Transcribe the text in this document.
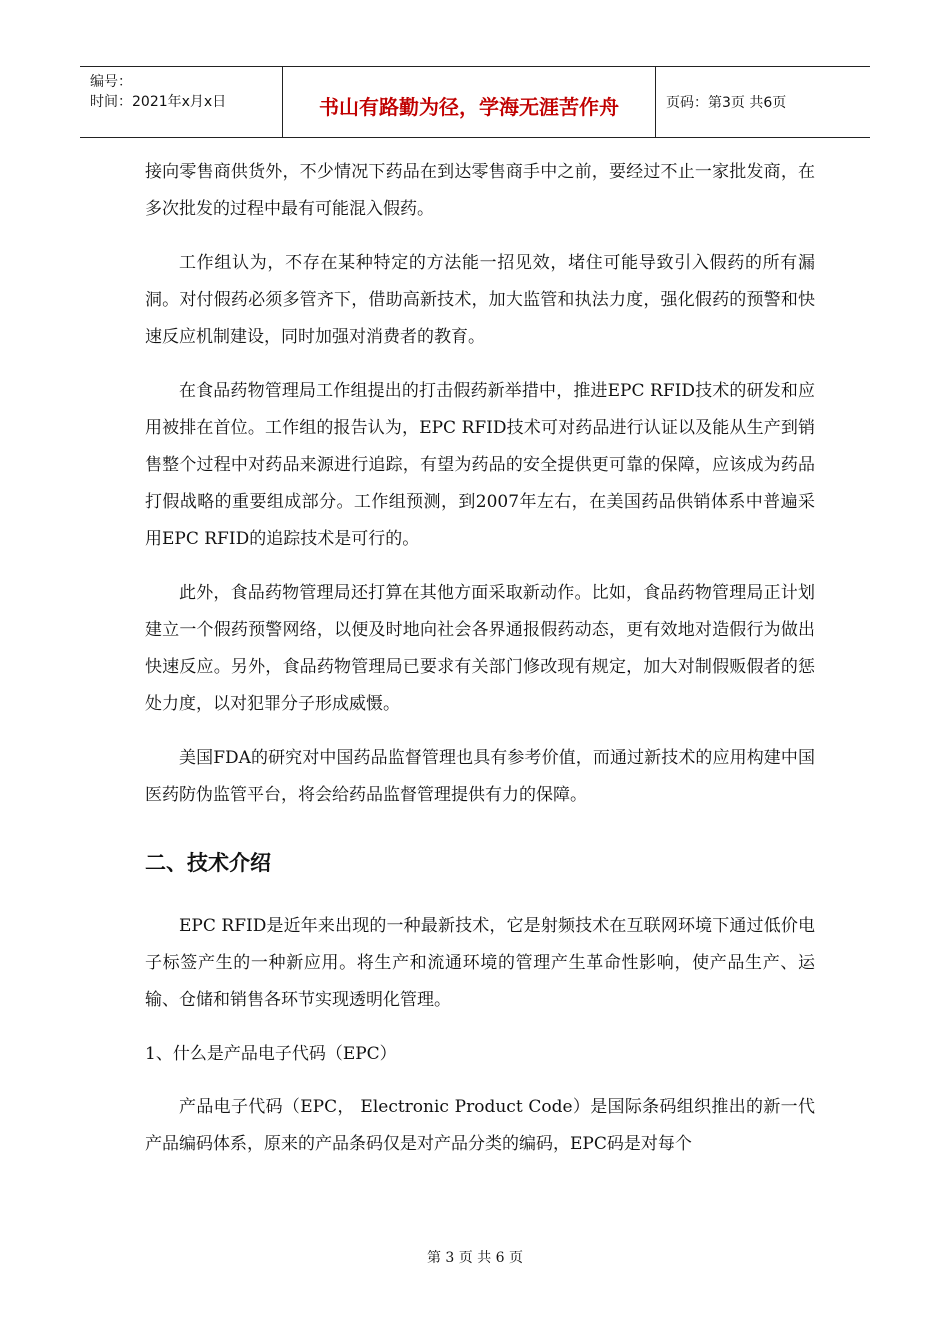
编号：
时间：2021年x月x日	书山有路勤为径，学海无涯苦作舟	页码：第3页 共6页

接向零售商供货外，不少情况下药品在到达零售商手中之前，要经过不止一家批发商，在多次批发的过程中最有可能混入假药。

工作组认为，不存在某种特定的方法能一招见效，堵住可能导致引入假药的所有漏洞。对付假药必须多管齐下，借助高新技术，加大监管和执法力度，强化假药的预警和快速反应机制建设，同时加强对消费者的教育。

在食品药物管理局工作组提出的打击假药新举措中，推进EPC RFID技术的研发和应用被排在首位。工作组的报告认为，EPC RFID技术可对药品进行认证以及能从生产到销售整个过程中对药品来源进行追踪，有望为药品的安全提供更可靠的保障，应该成为药品打假战略的重要组成部分。工作组预测，到2007年左右，在美国药品供销体系中普遍采用EPC RFID的追踪技术是可行的。

此外，食品药物管理局还打算在其他方面采取新动作。比如，食品药物管理局正计划建立一个假药预警网络，以便及时地向社会各界通报假药动态，更有效地对造假行为做出快速反应。另外，食品药物管理局已要求有关部门修改现有规定，加大对制假贩假者的惩处力度，以对犯罪分子形成威慑。

美国FDA的研究对中国药品监督管理也具有参考价值，而通过新技术的应用构建中国医药防伪监管平台，将会给药品监督管理提供有力的保障。

二、技术介绍

EPC RFID是近年来出现的一种最新技术，它是射频技术在互联网环境下通过低价电子标签产生的一种新应用。将生产和流通环境的管理产生革命性影响，使产品生产、运输、仓储和销售各环节实现透明化管理。

1、什么是产品电子代码（EPC）

产品电子代码（EPC， Electronic Product Code）是国际条码组织推出的新一代产品编码体系，原来的产品条码仅是对产品分类的编码，EPC码是对每个

第 3 页 共 6 页
